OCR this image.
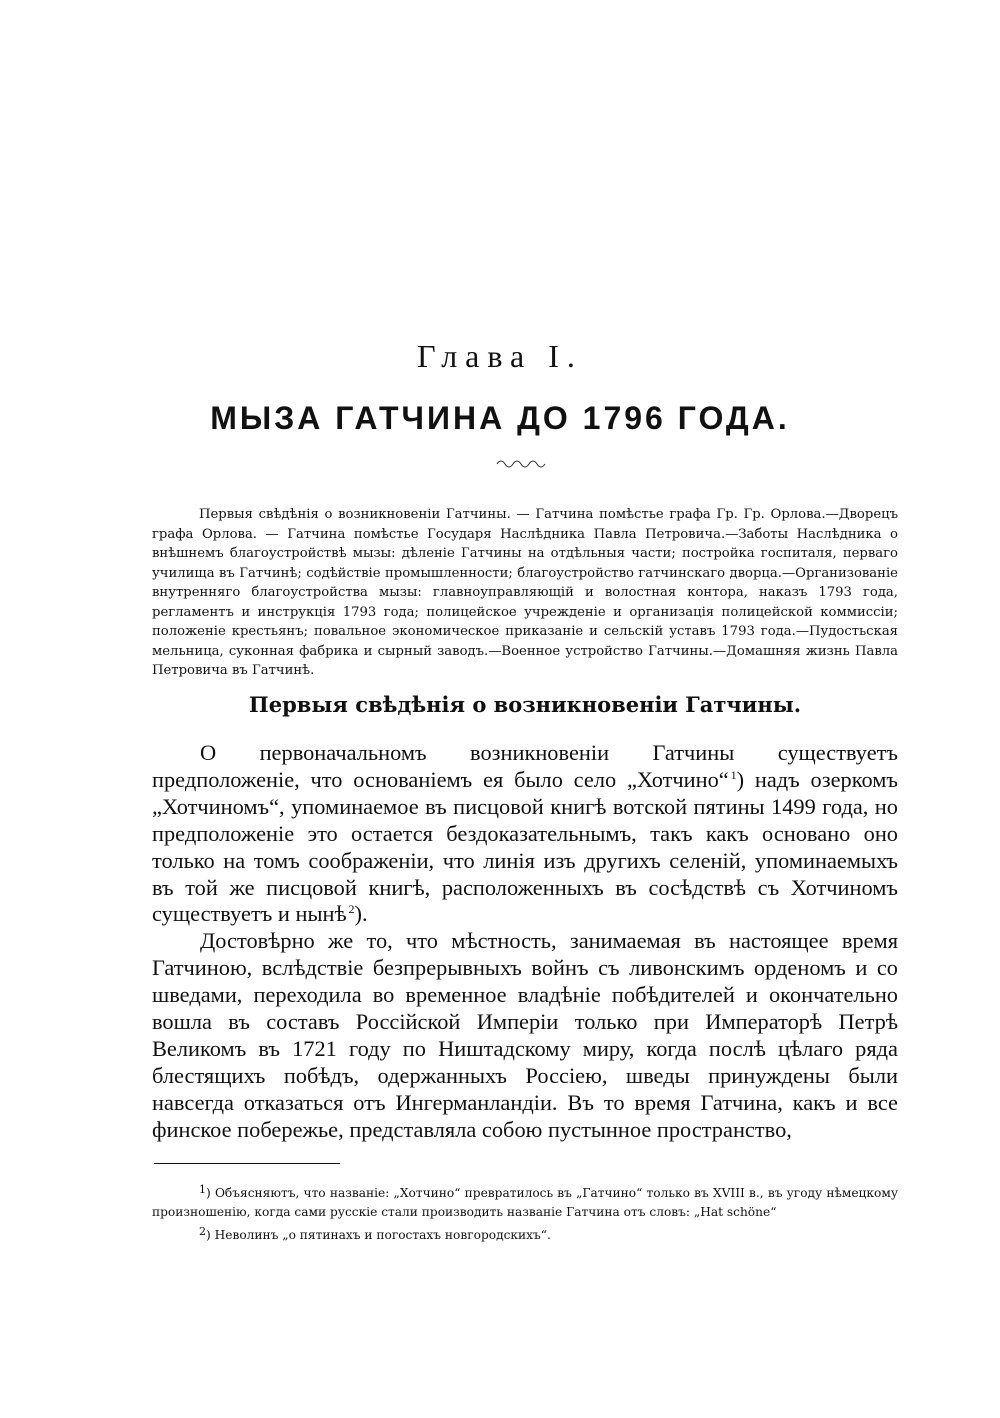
Глава I.
МЫЗА ГАТЧИНА ДО 1796 ГОДА.
Первыя свѣдѣнія о возникновеніи Гатчины. — Гатчина помѣстье графа Гр. Гр. Орлова.—Дворецъ графа Орлова. — Гатчина помѣстье Государя Наслѣдника Павла Петровича.—Заботы Наслѣдника о внѣшнемъ благоустройствѣ мызы: дѣленіе Гатчины на отдѣльныя части; постройка госпиталя, перваго училища въ Гатчинѣ; содѣйствіе промышленности; благоустройство гатчинскаго дворца.—Организованіе внутренняго благоустройства мызы: главноуправляющій и волостная контора, наказъ 1793 года, регламентъ и инструкція 1793 года; полицейское учрежденіе и организація полицейской коммиссіи; положеніе крестьянъ; повальное экономическое приказаніе и сельскій уставъ 1793 года.—Пудостьская мельница, суконная фабрика и сырный заводъ.—Военное устройство Гатчины.—Домашняя жизнь Павла Петровича въ Гатчинѣ.
Первыя свѣдѣнія о возникновеніи Гатчины.

О первоначальномъ возникновеніи Гатчины существуетъ предположеніе, что основаніемъ ея было село „Хотчино“  $^1$) надъ озеркомъ „Хотчиномъ“, упоминаемое въ писцовой книгѣ вотской пятины 1499 года, но предположеніе это остается бездоказательнымъ, такъ какъ основано оно только на томъ соображеніи, что линія изъ другихъ селеній, упоминаемыхъ въ той же писцовой книгѣ, расположенныхъ въ сосѣдствѣ съ Хотчиномъ существуетъ и нынѣ  $^2$).

Достовѣрно же то, что мѣстность, занимаемая въ настоящее время Гатчиною, вслѣдствіе безпрерывныхъ войнъ съ ливонскимъ орденомъ и со шведами, переходила во временное владѣніе побѣдителей и окончательно вошла въ составъ Россійской Имперіи только при Императорѣ Петрѣ Великомъ въ 1721 году по Ништадскому миру, когда послѣ цѣлаго ряда блестящихъ побѣдъ, одержанныхъ Россіею, шведы принуждены были навсегда отказаться отъ Ингерманландіи. Въ то время Гатчина, какъ и все финское побережье, представляла собою пустынное пространство,

1) Объясняютъ, что названіе: „Хотчино“ превратилось въ „Гатчино“ только въ XVIII в., въ угоду нѣмецкому произношенію, когда сами русскіе стали производить названіе Гатчина отъ словъ: „Hat schöne“

2) Неволинъ „о пятинахъ и погостахъ новгородскихъ“.
